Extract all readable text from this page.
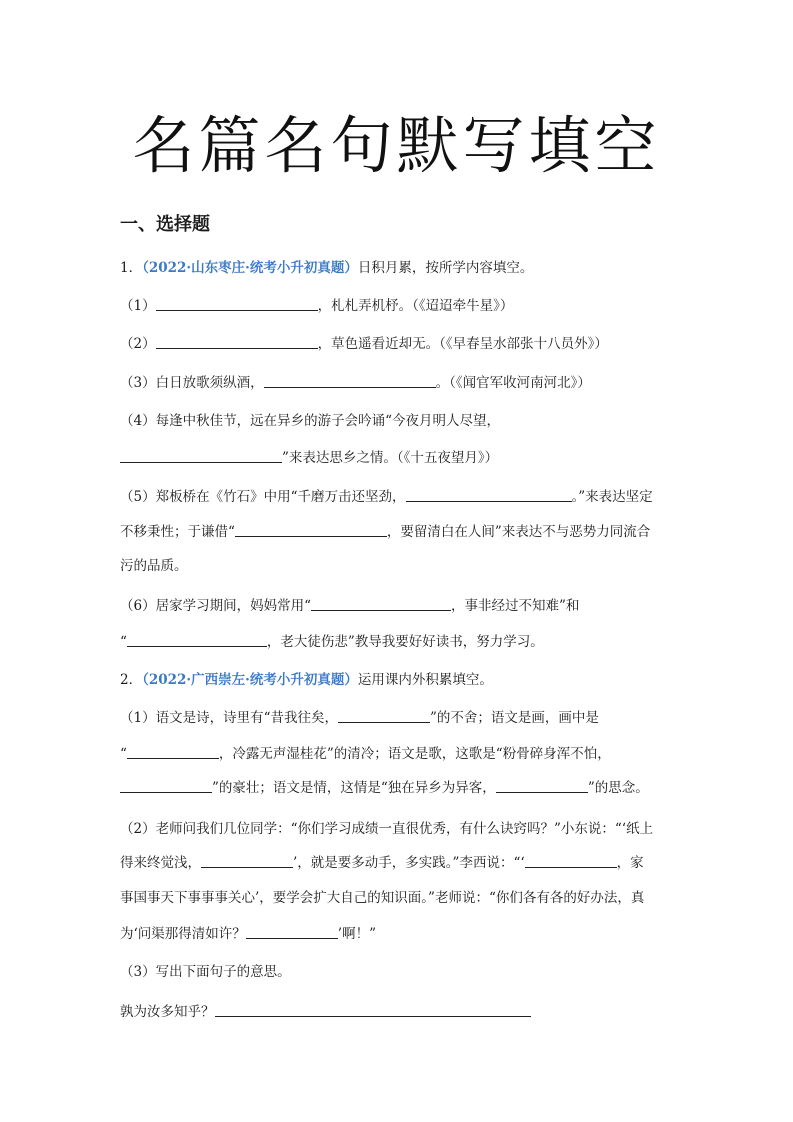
名篇名句默写填空
一、选择题
1．（2022·山东枣庄·统考小升初真题）日积月累，按所学内容填空。
（1）	，札札弄机杼。（《迢迢牵牛星》）
（2）	，草色遥看近却无。（《早春呈水部张十八员外》）
（3）白日放歌须纵酒，	。（《闻官军收河南河北》）
（4）每逢中秋佳节，远在异乡的游子会吟诵“今夜月明人尽望，
”来表达思乡之情。（《十五夜望月》）
（5）郑板桥在《竹石》中用“千磨万击还坚劲，	。”来表达坚定
不移秉性；于谦借“	，要留清白在人间”来表达不与恶势力同流合
污的品质。
（6）居家学习期间，妈妈常用“	，事非经过不知难”和
“	，老大徒伤悲”教导我要好好读书，努力学习。
2．（2022·广西崇左·统考小升初真题）运用课内外积累填空。
（1）语文是诗，诗里有“昔我往矣，	”的不舍；语文是画，画中是
“	，冷露无声湿桂花”的清冷；语文是歌，这歌是“粉骨碎身浑不怕，
”的豪壮；语文是情，这情是“独在异乡为异客，	”的思念。
（2）老师问我们几位同学：“你们学习成绩一直很优秀，有什么诀窍吗？”小东说：“‘纸上
得来终觉浅，	’，就是要多动手，多实践。”李西说：“‘	，家
事国事天下事事事关心’，要学会扩大自己的知识面。”老师说：“你们各有各的好办法，真
为‘问渠那得清如许？	’啊！”
（3）写出下面句子的意思。
孰为汝多知乎？
